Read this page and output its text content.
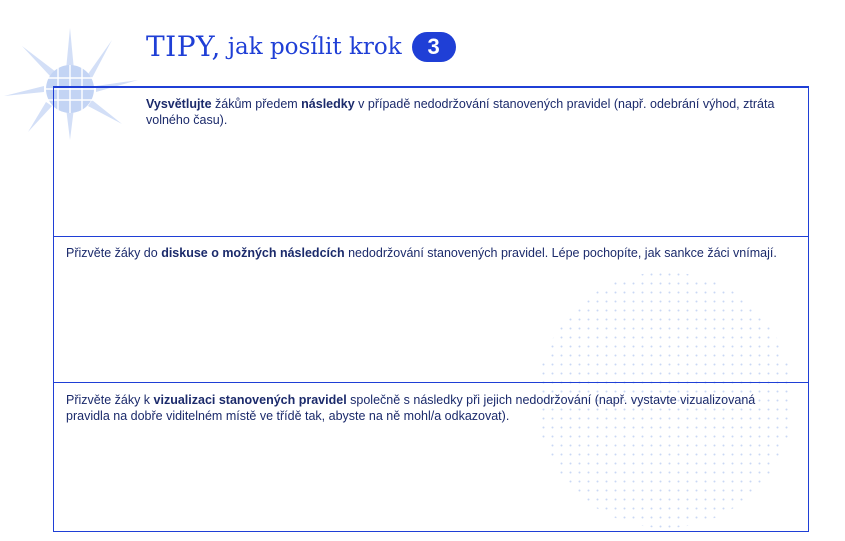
TIPY, jak posílit krok	3

Vysvětlujte žákům předem následky v případě nedodržování stanovených pravidel (např. odebrání výhod, ztráta volného času).

Přizvěte žáky do diskuse o možných následcích nedodržování stanovených pravidel. Lépe pochopíte, jak sankce žáci vnímají.

Přizvěte žáky k vizualizaci stanovených pravidel společně s následky při jejich nedodržování (např. vystavte vizualizovaná pravidla na dobře viditelném místě ve třídě tak, abyste na ně mohl/a odkazovat).
